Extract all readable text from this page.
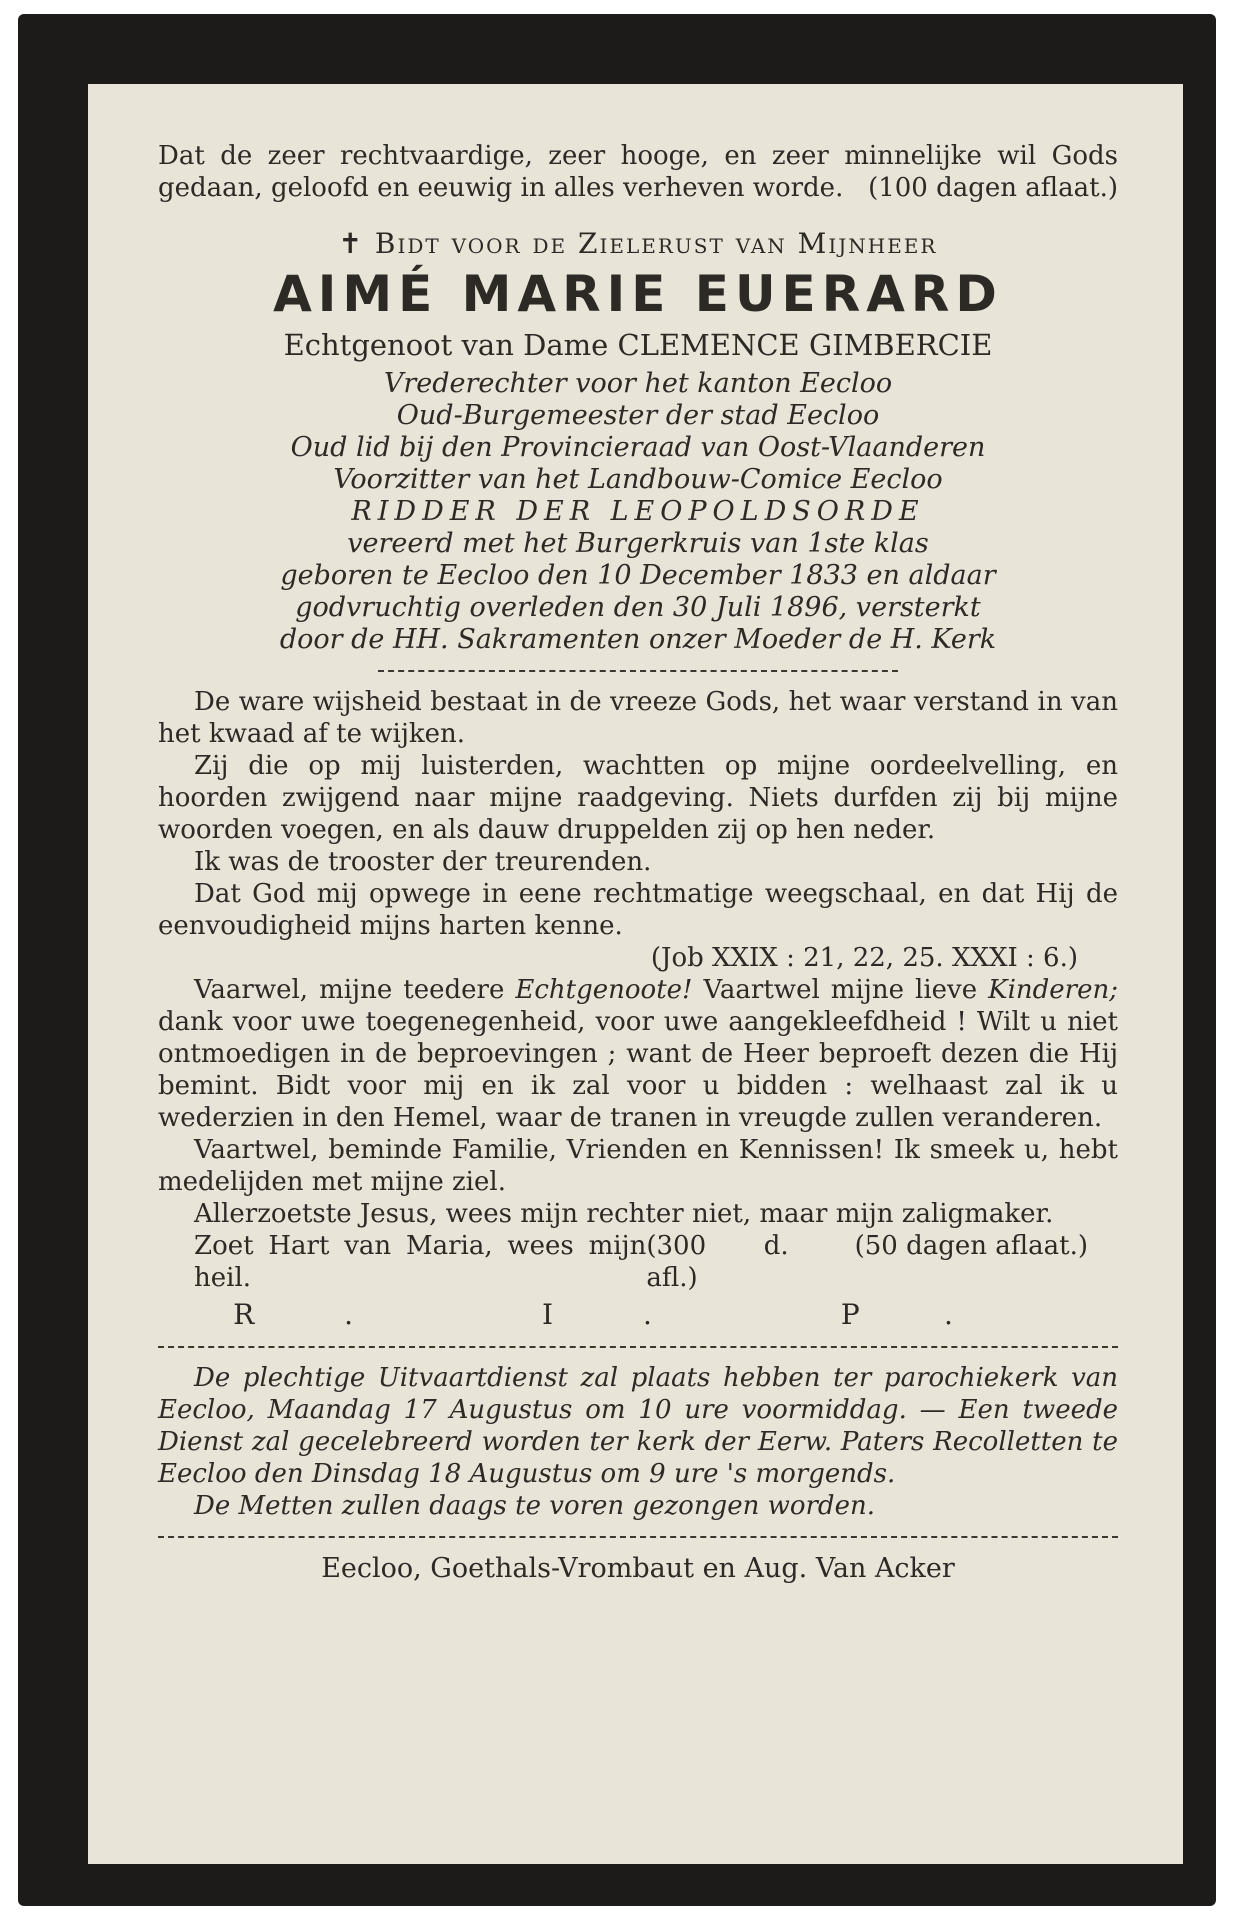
Dat de zeer rechtvaardige, zeer hooge, en zeer minnelijke wil Gods gedaan, geloofd en eeuwig in alles verheven worde. (100 dagen aflaat.)

✝ Bidt voor de Zielerust van Mijnheer

AIMÉ MARIE EUERARD

Echtgenoot van Dame CLEMENCE GIMBERCIE

Vrederechter voor het kanton Eecloo

Oud-Burgemeester der stad Eecloo

Oud lid bij den Provincieraad van Oost-Vlaanderen

Voorzitter van het Landbouw-Comice Eecloo

RIDDER DER LEOPOLDSORDE

vereerd met het Burgerkruis van 1ste klas

geboren te Eecloo den 10 December 1833 en aldaar

godvruchtig overleden den 30 Juli 1896, versterkt

door de HH. Sakramenten onzer Moeder de H. Kerk

De ware wijsheid bestaat in de vreeze Gods, het waar verstand in van het kwaad af te wijken.

Zij die op mij luisterden, wachtten op mijne oordeelvelling, en hoorden zwijgend naar mijne raadgeving. Niets durfden zij bij mijne woorden voegen, en als dauw druppelden zij op hen neder.

Ik was de trooster der treurenden.

Dat God mij opwege in eene rechtmatige weegschaal, en dat Hij de eenvoudigheid mijns harten kenne.

(Job XXIX : 21, 22, 25. XXXI : 6.)

Vaarwel, mijne teedere Echtgenoote! Vaartwel mijne lieve Kinderen; dank voor uwe toegenegenheid, voor uwe aangekleefdheid ! Wilt u niet ontmoedigen in de beproevingen ; want de Heer beproeft dezen die Hij bemint. Bidt voor mij en ik zal voor u bidden : welhaast zal ik u wederzien in den Hemel, waar de tranen in vreugde zullen veranderen.

Vaartwel, beminde Familie, Vrienden en Kennissen! Ik smeek u, hebt medelijden met mijne ziel.

Allerzoetste Jesus, wees mijn rechter niet, maar mijn zaligmaker.
(50 dagen aflaat.)

Zoet Hart van Maria, wees mijn heil.
(300 d. afl.)

R. I. P.

De plechtige Uitvaartdienst zal plaats hebben ter parochiekerk van Eecloo, Maandag 17 Augustus om 10 ure voormiddag. — Een tweede Dienst zal gecelebreerd worden ter kerk der Eerw. Paters Recolletten te Eecloo den Dinsdag 18 Augustus om 9 ure 's morgends.

De Metten zullen daags te voren gezongen worden.

Eecloo, Goethals-Vrombaut en Aug. Van Acker
